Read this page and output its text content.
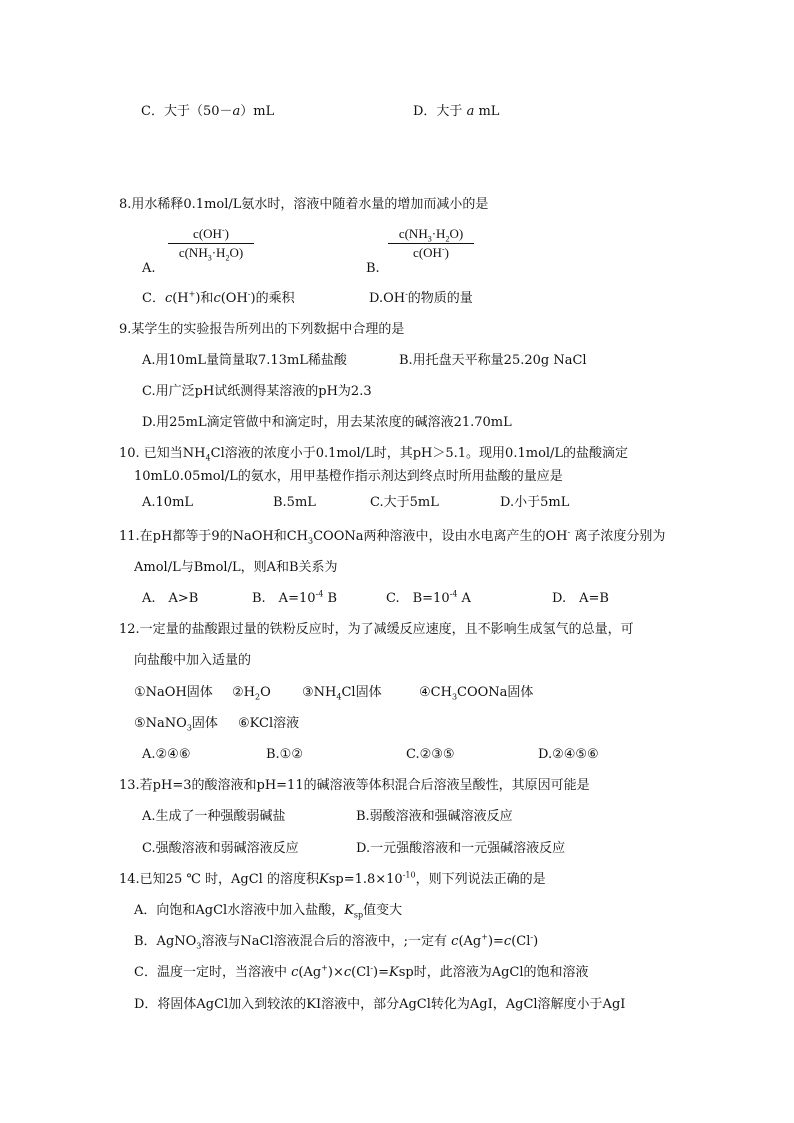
C．大于（50－a）mL	D．大于 a mL
8.用水稀释0.1mol/L氨水时，溶液中随着水量的增加而减小的是
c(OH-)
$c(NH_3\cdot H_2O)$
A.
$c(NH_3\cdot H_2O)$
c(OH-)
B.
C．c(H+)和c(OH-)的乘积	D.OH-的物质的量
9.某学生的实验报告所列出的下列数据中合理的是
A.用10mL量筒量取7.13mL稀盐酸	B.用托盘天平称量25.20g NaCl
C.用广泛pH试纸测得某溶液的pH为2.3
D.用25mL滴定管做中和滴定时，用去某浓度的碱溶液21.70mL
10. 已知当$NH_4Cl$溶液的浓度小于0.1mol/L时，其pH＞5.1。现用0.1mol/L的盐酸滴定
10mL0.05mol/L的氨水，用甲基橙作指示剂达到终点时所用盐酸的量应是
A.10mL	B.5mL	C.大于5mL	D.小于5mL
11.在pH都等于9的NaOH和$CH_3COONa$两种溶液中，设由水电离产生的OH- 离子浓度分别为
Amol/L与Bmol/L，则A和B关系为
A.　A>B	B.　$A=10^{-4}$ B	C.　$B=10^{-4}$ A	D.　A=B
12.一定量的盐酸跟过量的铁粉反应时，为了减缓反应速度，且不影响生成氢气的总量，可
向盐酸中加入适量的
①NaOH固体 $②H_2O$ $③NH_4Cl$固体	$④CH_3COONa$固体
⑤NaNO$_3$固体 ⑥KCl溶液
A.②④⑥	B.①②	C.②③⑤	D.②④⑤⑥
13.若pH=3的酸溶液和pH=11的碱溶液等体积混合后溶液呈酸性，其原因可能是
A.生成了一种强酸弱碱盐	B.弱酸溶液和强碱溶液反应
C.强酸溶液和弱碱溶液反应	D.一元强酸溶液和一元强碱溶液反应
14.已知25 ℃ 时，AgCl 的溶度积$Ksp=1.8\times 10^{-10}$，则下列说法正确的是
A．向饱和AgCl水溶液中加入盐酸，$K_{sp}$值变大
B．AgNO$_3$溶液与NaCl溶液混合后的溶液中，;一定有 c(Ag+)=c(Cl-)
C．温度一定时，当溶液中 c(Ag+)×c(Cl-)=Ksp时，此溶液为AgCl的饱和溶液
D．将固体AgCl加入到较浓的KI溶液中，部分AgCl转化为AgI，AgCl溶解度小于AgI
